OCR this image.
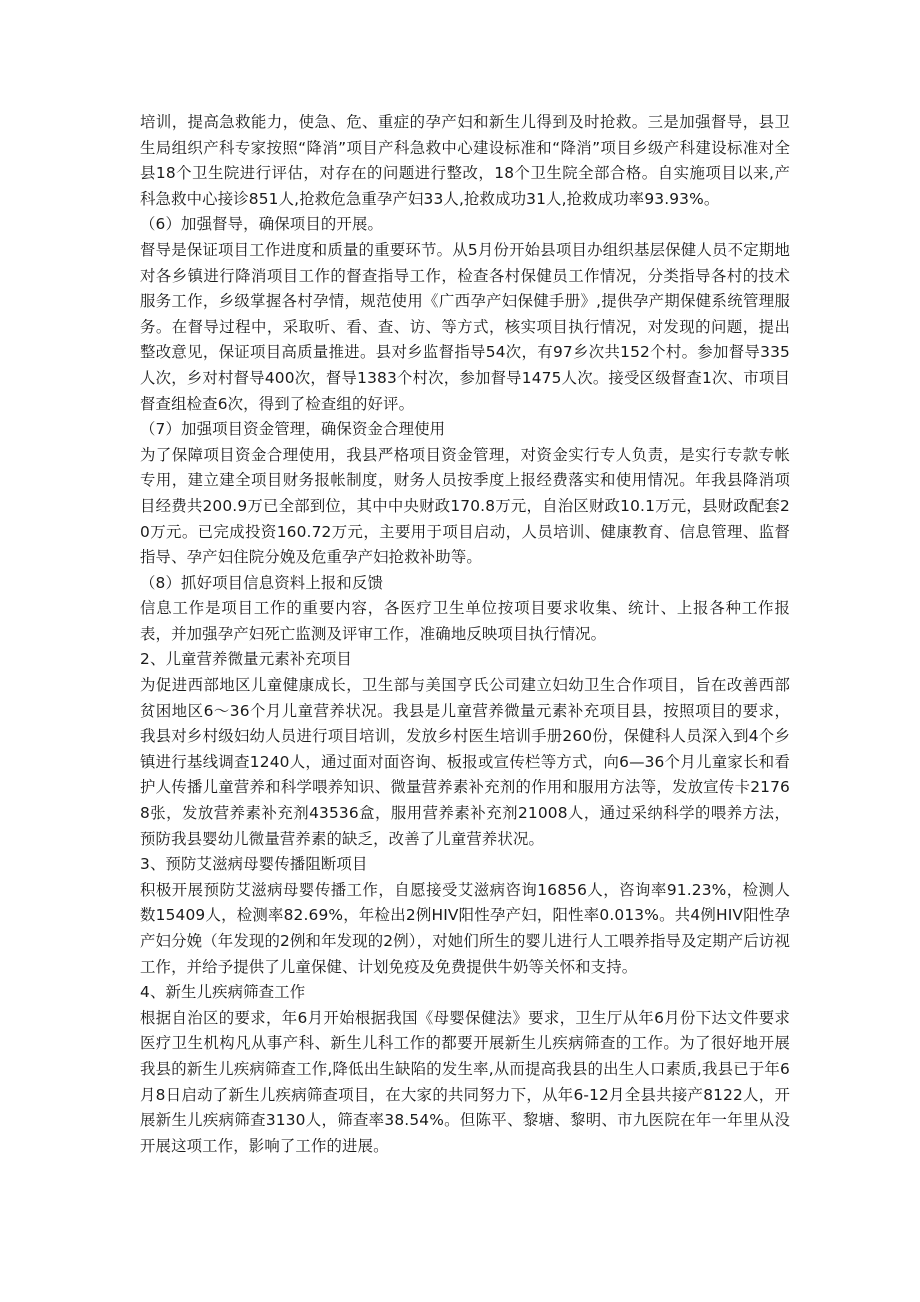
培训，提高急救能力，使急、危、重症的孕产妇和新生儿得到及时抢救。三是加强督导，县卫生局组织产科专家按照“降消”项目产科急救中心建设标准和“降消”项目乡级产科建设标准对全县18个卫生院进行评估，对存在的问题进行整改，18个卫生院全部合格。自实施项目以来,产科急救中心接诊851人,抢救危急重孕产妇33人,抢救成功31人,抢救成功率93.93%。

（6）加强督导，确保项目的开展。

督导是保证项目工作进度和质量的重要环节。从5月份开始县项目办组织基层保健人员不定期地对各乡镇进行降消项目工作的督查指导工作，检查各村保健员工作情况，分类指导各村的技术服务工作，乡级掌握各村孕情，规范使用《广西孕产妇保健手册》,提供孕产期保健系统管理服务。在督导过程中，采取听、看、查、访、等方式，核实项目执行情况，对发现的问题，提出整改意见，保证项目高质量推进。县对乡监督指导54次，有97乡次共152个村。参加督导335人次，乡对村督导400次，督导1383个村次，参加督导1475人次。接受区级督查1次、市项目督查组检查6次，得到了检查组的好评。

（7）加强项目资金管理，确保资金合理使用

为了保障项目资金合理使用，我县严格项目资金管理，对资金实行专人负责，是实行专款专帐专用，建立建全项目财务报帐制度，财务人员按季度上报经费落实和使用情况。年我县降消项目经费共200.9万已全部到位，其中中央财政170.8万元，自治区财政10.1万元，县财政配套20万元。已完成投资160.72万元，主要用于项目启动，人员培训、健康教育、信息管理、监督指导、孕产妇住院分娩及危重孕产妇抢救补助等。

（8）抓好项目信息资料上报和反馈

信息工作是项目工作的重要内容，各医疗卫生单位按项目要求收集、统计、上报各种工作报表，并加强孕产妇死亡监测及评审工作，准确地反映项目执行情况。

2、儿童营养微量元素补充项目

为促进西部地区儿童健康成长，卫生部与美国亨氏公司建立妇幼卫生合作项目，旨在改善西部贫困地区6～36个月儿童营养状况。我县是儿童营养微量元素补充项目县，按照项目的要求，我县对乡村级妇幼人员进行项目培训，发放乡村医生培训手册260份，保健科人员深入到4个乡镇进行基线调查1240人，通过面对面咨询、板报或宣传栏等方式，向6—36个月儿童家长和看护人传播儿童营养和科学喂养知识、微量营养素补充剂的作用和服用方法等，发放宣传卡21768张，发放营养素补充剂43536盒，服用营养素补充剂21008人，通过采纳科学的喂养方法，预防我县婴幼儿微量营养素的缺乏，改善了儿童营养状况。

3、预防艾滋病母婴传播阻断项目

积极开展预防艾滋病母婴传播工作，自愿接受艾滋病咨询16856人，咨询率91.23%，检测人数15409人，检测率82.69%，年检出2例HIV阳性孕产妇，阳性率0.013%。共4例HIV阳性孕产妇分娩（年发现的2例和年发现的2例），对她们所生的婴儿进行人工喂养指导及定期产后访视工作，并给予提供了儿童保健、计划免疫及免费提供牛奶等关怀和支持。

4、新生儿疾病筛查工作

根据自治区的要求，年6月开始根据我国《母婴保健法》要求，卫生厅从年6月份下达文件要求医疗卫生机构凡从事产科、新生儿科工作的都要开展新生儿疾病筛查的工作。为了很好地开展我县的新生儿疾病筛查工作,降低出生缺陷的发生率,从而提高我县的出生人口素质,我县已于年6月8日启动了新生儿疾病筛查项目，在大家的共同努力下，从年6-12月全县共接产8122人，开展新生儿疾病筛查3130人，筛查率38.54%。但陈平、黎塘、黎明、市九医院在年一年里从没开展这项工作，影响了工作的进展。
